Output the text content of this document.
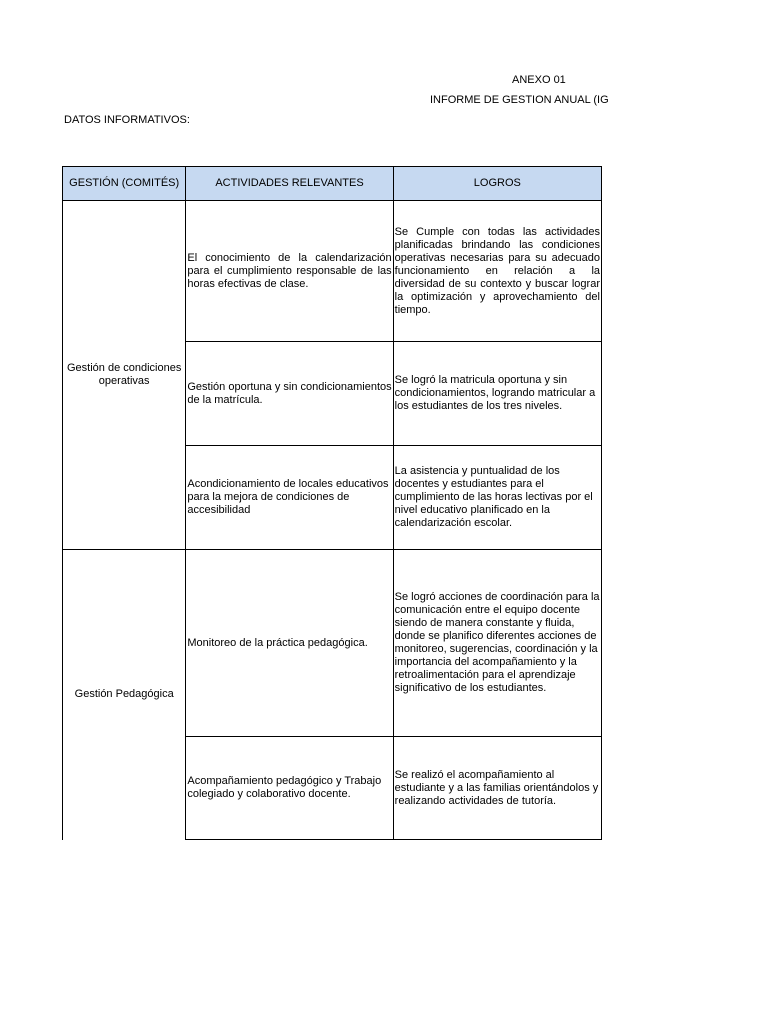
ANEXO 01
INFORME DE GESTION ANUAL (IG
DATOS INFORMATIVOS:
GESTIÓN (COMITÉS)	ACTIVIDADES RELEVANTES	LOGROS
Gestión de condiciones operativas	El conocimiento de la calendarización para el cumplimiento responsable de las horas efectivas de clase.	Se Cumple con todas las actividades planificadas brindando las condiciones operativas necesarias para su adecuado funcionamiento en relación a la diversidad de su contexto y buscar lograr la optimización y aprovechamiento del tiempo.
	Gestión oportuna y sin condicionamientos de la matrícula.	Se logró la matricula oportuna y sin condicionamientos, logrando matricular a los estudiantes de los tres niveles.
	Acondicionamiento de locales educativos para la mejora de condiciones de accesibilidad	La asistencia y puntualidad de los docentes y estudiantes para el cumplimiento de las horas lectivas por el nivel educativo planificado en la calendarización escolar.
Gestión Pedagógica	Monitoreo de la práctica pedagógica.	Se logró acciones de coordinación para la comunicación entre el equipo docente siendo de manera constante y fluida, donde se planifico diferentes acciones de monitoreo, sugerencias, coordinación y la importancia del acompañamiento y la retroalimentación para el aprendizaje significativo de los estudiantes.
	Acompañamiento pedagógico y Trabajo colegiado y colaborativo docente.	Se realizó el acompañamiento al estudiante y a las familias orientándolos y realizando actividades de tutoría.
